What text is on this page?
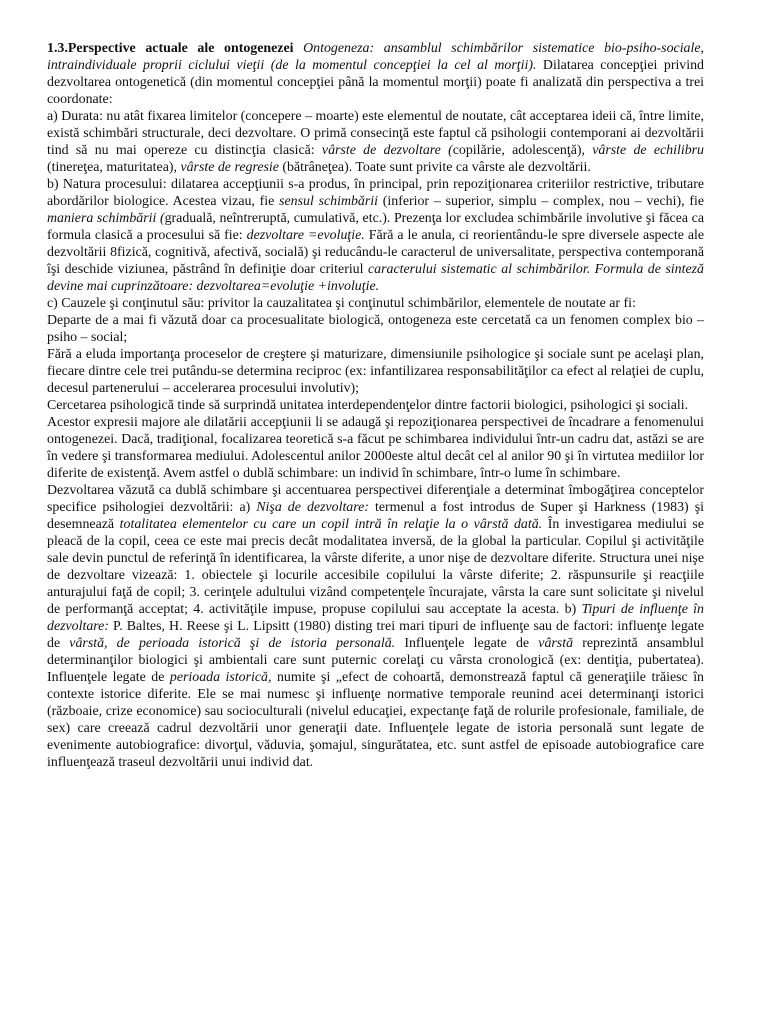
1.3.Perspective actuale ale ontogenezei Ontogeneza: ansamblul schimbărilor sistematice bio-psiho-sociale, intraindividuale proprii ciclului vieţii (de la momentul concepţiei la cel al morţii). Dilatarea concepţiei privind dezvoltarea ontogenetică (din momentul concepţiei până la momentul morţii) poate fi analizată din perspectiva a trei coordonate:

a) Durata: nu atât fixarea limitelor (concepere – moarte) este elementul de noutate, cât acceptarea ideii că, între limite, există schimbări structurale, deci dezvoltare. O primă consecinţă este faptul că psihologii contemporani ai dezvoltării tind să nu mai opereze cu distincţia clasică: vârste de dezvoltare (copilărie, adolescenţă), vârste de echilibru (tinereţea, maturitatea), vârste de regresie (bătrâneţea). Toate sunt privite ca vârste ale dezvoltării.

b) Natura procesului: dilatarea accepţiunii s-a produs, în principal, prin repoziţionarea criteriilor restrictive, tributare abordărilor biologice. Acestea vizau, fie sensul schimbării (inferior – superior, simplu – complex, nou – vechi), fie maniera schimbării (graduală, neîntreruptă, cumulativă, etc.). Prezenţa lor excludea schimbările involutive şi făcea ca formula clasică a procesului să fie: dezvoltare =evoluţie. Fără a le anula, ci reorientându-le spre diversele aspecte ale dezvoltării 8fizică, cognitivă, afectivă, socială) şi reducându-le caracterul de universalitate, perspectiva contemporană îşi deschide viziunea, păstrând în definiţie doar criteriul caracterului sistematic al schimbărilor. Formula de sinteză devine mai cuprinzătoare: dezvoltarea=evoluţie +involuţie.

c) Cauzele şi conţinutul său: privitor la cauzalitatea şi conţinutul schimbărilor, elementele de noutate ar fi:

Departe de a mai fi văzută doar ca procesualitate biologică, ontogeneza este cercetată ca un fenomen complex bio – psiho – social;

Fără a eluda importanţa proceselor de creştere şi maturizare, dimensiunile psihologice şi sociale sunt pe acelaşi plan, fiecare dintre cele trei putându-se determina reciproc (ex: infantilizarea responsabilităţilor ca efect al relaţiei de cuplu, decesul partenerului – accelerarea procesului involutiv);

Cercetarea psihologică tinde să surprindă unitatea interdependenţelor dintre factorii biologici, psihologici şi sociali.

Acestor expresii majore ale dilatării accepţiunii li se adaugă şi repoziţionarea perspectivei de încadrare a fenomenului ontogenezei. Dacă, tradiţional, focalizarea teoretică s-a făcut pe schimbarea individului într-un cadru dat, astăzi se are în vedere şi transformarea mediului. Adolescentul anilor 2000este altul decât cel al anilor 90 şi în virtutea mediilor lor diferite de existenţă. Avem astfel o dublă schimbare: un individ în schimbare, într-o lume în schimbare.

Dezvoltarea văzută ca dublă schimbare şi accentuarea perspectivei diferenţiale a determinat îmbogăţirea conceptelor specifice psihologiei dezvoltării: a) Nişa de dezvoltare: termenul a fost introdus de Super şi Harkness (1983) şi desemnează totalitatea elementelor cu care un copil intră în relaţie la o vârstă dată. În investigarea mediului se pleacă de la copil, ceea ce este mai precis decât modalitatea inversă, de la global la particular. Copilul şi activităţile sale devin punctul de referinţă în identificarea, la vârste diferite, a unor nişe de dezvoltare diferite. Structura unei nişe de dezvoltare vizează: 1. obiectele şi locurile accesibile copilului la vârste diferite; 2. răspunsurile şi reacţiile anturajului faţă de copil; 3. cerinţele adultului vizând competenţele încurajate, vârsta la care sunt solicitate şi nivelul de performanţă acceptat; 4. activităţile impuse, propuse copilului sau acceptate la acesta. b) Tipuri de influenţe în dezvoltare: P. Baltes, H. Reese şi L. Lipsitt (1980) disting trei mari tipuri de influenţe sau de factori: influenţe legate de vârstă, de perioada istorică şi de istoria personală. Influenţele legate de vârstă reprezintă ansamblul determinanţilor biologici şi ambientali care sunt puternic corelaţi cu vârsta cronologică (ex: dentiţia, pubertatea). Influenţele legate de perioada istorică, numite şi „efect de cohoartă, demonstrează faptul că generaţiile trăiesc în contexte istorice diferite. Ele se mai numesc şi influenţe normative temporale reunind acei determinanţi istorici (războaie, crize economice) sau socioculturali (nivelul educaţiei, expectanţe faţă de rolurile profesionale, familiale, de sex) care creează cadrul dezvoltării unor generaţii date. Influenţele legate de istoria personală sunt legate de evenimente autobiografice: divorţul, văduvia, şomajul, singurătatea, etc. sunt astfel de episoade autobiografice care influenţează traseul dezvoltării unui individ dat.
